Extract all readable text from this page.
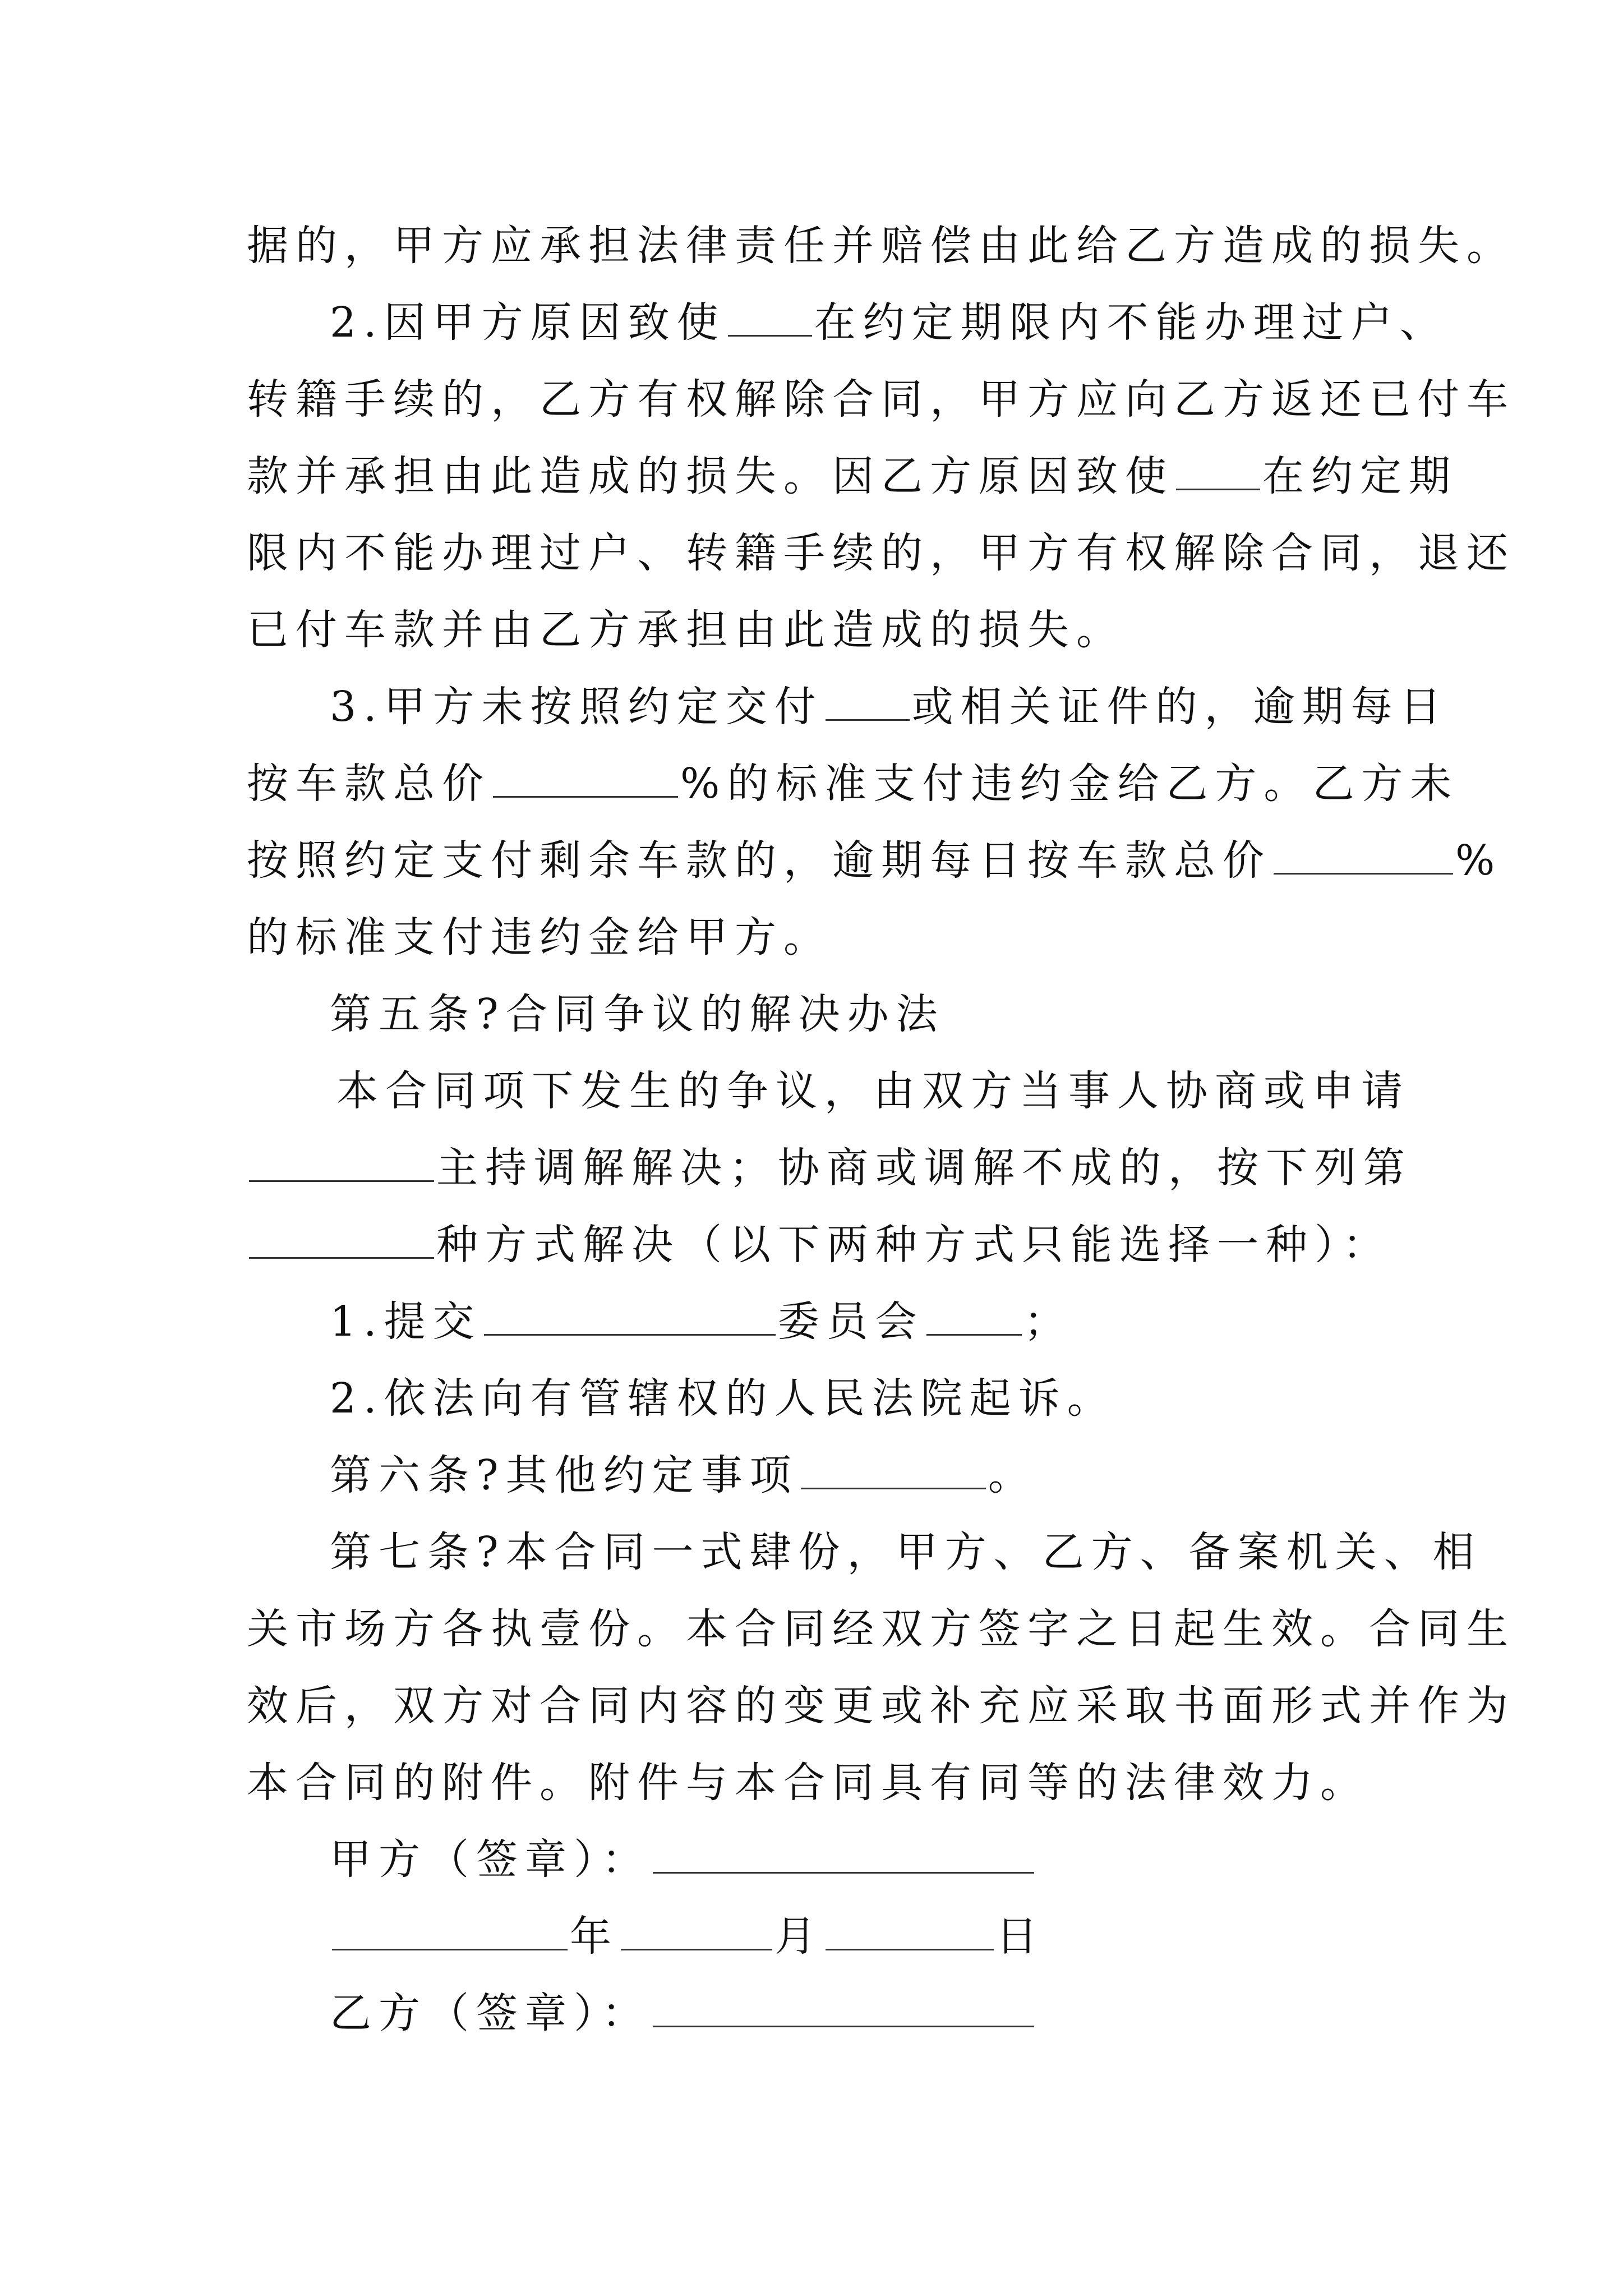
据的，甲方应承担法律责任并赔偿由此给乙方造成的损失。
2.因甲方原因致使 在约定期限内不能办理过户、
转籍手续的，乙方有权解除合同，甲方应向乙方返还已付车
款并承担由此造成的损失。因乙方原因致使 在约定期
限内不能办理过户、转籍手续的，甲方有权解除合同，退还
已付车款并由乙方承担由此造成的损失。
3.甲方未按照约定交付 或相关证件的，逾期每日
按车款总价	%的标准支付违约金给乙方。乙方未
按照约定支付剩余车款的，逾期每日按车款总价	%
的标准支付违约金给甲方。
第五条?合同争议的解决办法
本合同项下发生的争议，由双方当事人协商或申请
主持调解解决；协商或调解不成的，按下列第
种方式解决（以下两种方式只能选择一种）：
1.提交	委员会 ；
2.依法向有管辖权的人民法院起诉。
第六条?其他约定事项	。
第七条?本合同一式肆份，甲方、乙方、备案机关、相
关市场方各执壹份。本合同经双方签字之日起生效。合同生
效后，双方对合同内容的变更或补充应采取书面形式并作为
本合同的附件。附件与本合同具有同等的法律效力。
甲方（签章）：
年	月	日
乙方（签章）：
